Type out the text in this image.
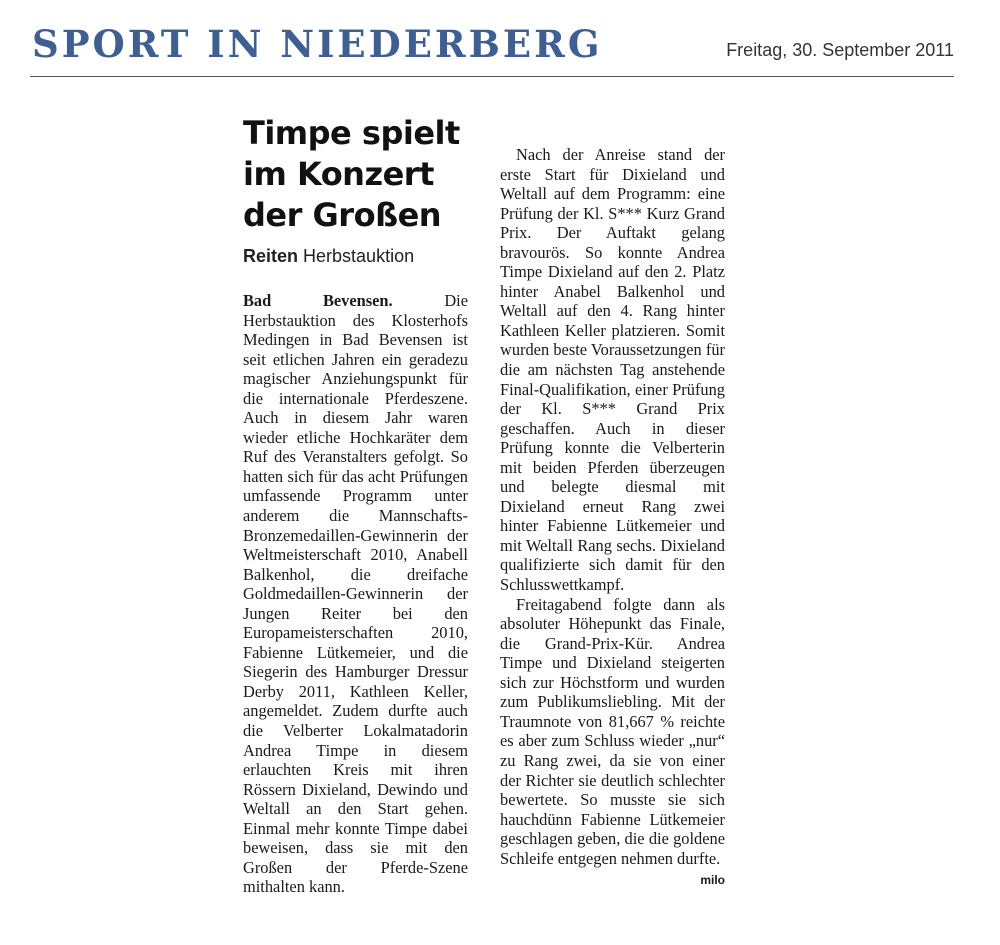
SPORT IN NIEDERBERG	Freitag, 30. September 2011
Timpe spielt im Konzert der Großen
Reiten Herbstauktion

Bad Bevensen.	Die Herbstauktion des Klosterhofs Medingen in Bad Bevensen ist seit etlichen Jahren ein geradezu magischer Anziehungspunkt für die internationale Pferdeszene. Auch in diesem Jahr waren wieder etliche Hochkaräter dem Ruf des Veranstalters gefolgt. So hatten sich für das acht Prüfungen umfassende Programm unter anderem die Mannschafts-Bronzemedaillen-Gewinnerin der Weltmeisterschaft 2010, Anabell Balkenhol, die dreifache Goldmedaillen-Gewinnerin der Jungen Reiter bei den Europameisterschaften 2010, Fabienne Lütkemeier, und die Siegerin des Hamburger Dressur Derby 2011, Kathleen Keller, angemeldet. Zudem durfte auch die Velberter Lokalmatadorin Andrea Timpe in diesem erlauchten Kreis mit ihren Rössern Dixieland, Dewindo und Weltall an den Start gehen. Einmal mehr konnte Timpe dabei beweisen, dass sie mit den Großen der Pferde-Szene mithalten kann.

Nach der Anreise stand der erste Start für Dixieland und Weltall auf dem Programm: eine Prüfung der Kl. S*** Kurz Grand Prix. Der Auftakt gelang bravourös. So konnte Andrea Timpe Dixieland auf den 2. Platz hinter Anabel Balkenhol und Weltall auf den 4. Rang hinter Kathleen Keller platzieren. Somit wurden beste Voraussetzungen für die am nächsten Tag anstehende Final-Qualifikation, einer Prüfung der Kl. S*** Grand Prix geschaffen. Auch in dieser Prüfung konnte die Velberterin mit beiden Pferden überzeugen und belegte diesmal mit Dixieland erneut Rang zwei hinter Fabienne Lütkemeier und mit Weltall Rang sechs. Dixieland qualifizierte sich damit für den Schlusswettkampf.

Freitagabend folgte dann als absoluter Höhepunkt das Finale, die Grand-Prix-Kür. Andrea Timpe und Dixieland steigerten sich zur Höchstform und wurden zum Publikumsliebling. Mit der Traumnote von 81,667 % reichte es aber zum Schluss wieder „nur“ zu Rang zwei, da sie von einer der Richter sie deutlich schlechter bewertete. So musste sie sich hauchdünn Fabienne Lütkemeier geschlagen geben, die die goldene Schleife entgegen nehmen durfte.
milo
